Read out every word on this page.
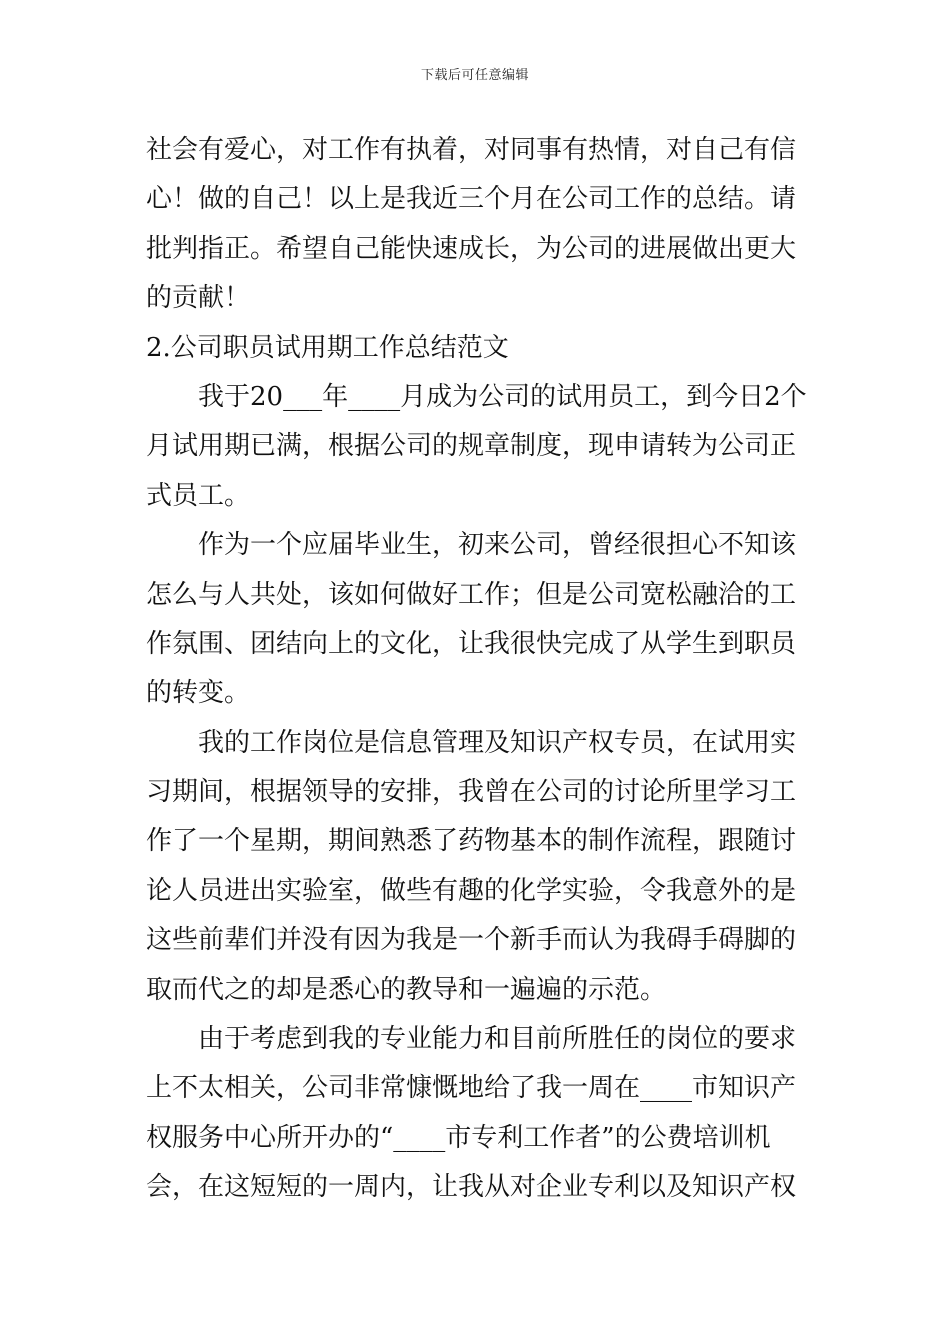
下载后可任意编辑
社会有爱心，对工作有执着，对同事有热情，对自己有信
心！做的自己！以上是我近三个月在公司工作的总结。请
批判指正。希望自己能快速成长，为公司的进展做出更大
的贡献！
2.公司职员试用期工作总结范文
我于20___年____月成为公司的试用员工，到今日2个
月试用期已满，根据公司的规章制度，现申请转为公司正
式员工。
作为一个应届毕业生，初来公司，曾经很担心不知该
怎么与人共处，该如何做好工作；但是公司宽松融洽的工
作氛围、团结向上的文化，让我很快完成了从学生到职员
的转变。
我的工作岗位是信息管理及知识产权专员，在试用实
习期间，根据领导的安排，我曾在公司的讨论所里学习工
作了一个星期，期间熟悉了药物基本的制作流程，跟随讨
论人员进出实验室，做些有趣的化学实验，令我意外的是
这些前辈们并没有因为我是一个新手而认为我碍手碍脚的
取而代之的却是悉心的教导和一遍遍的示范。
由于考虑到我的专业能力和目前所胜任的岗位的要求
上不太相关，公司非常慷慨地给了我一周在____市知识产
权服务中心所开办的“____市专利工作者”的公费培训机
会，在这短短的一周内，让我从对企业专利以及知识产权
